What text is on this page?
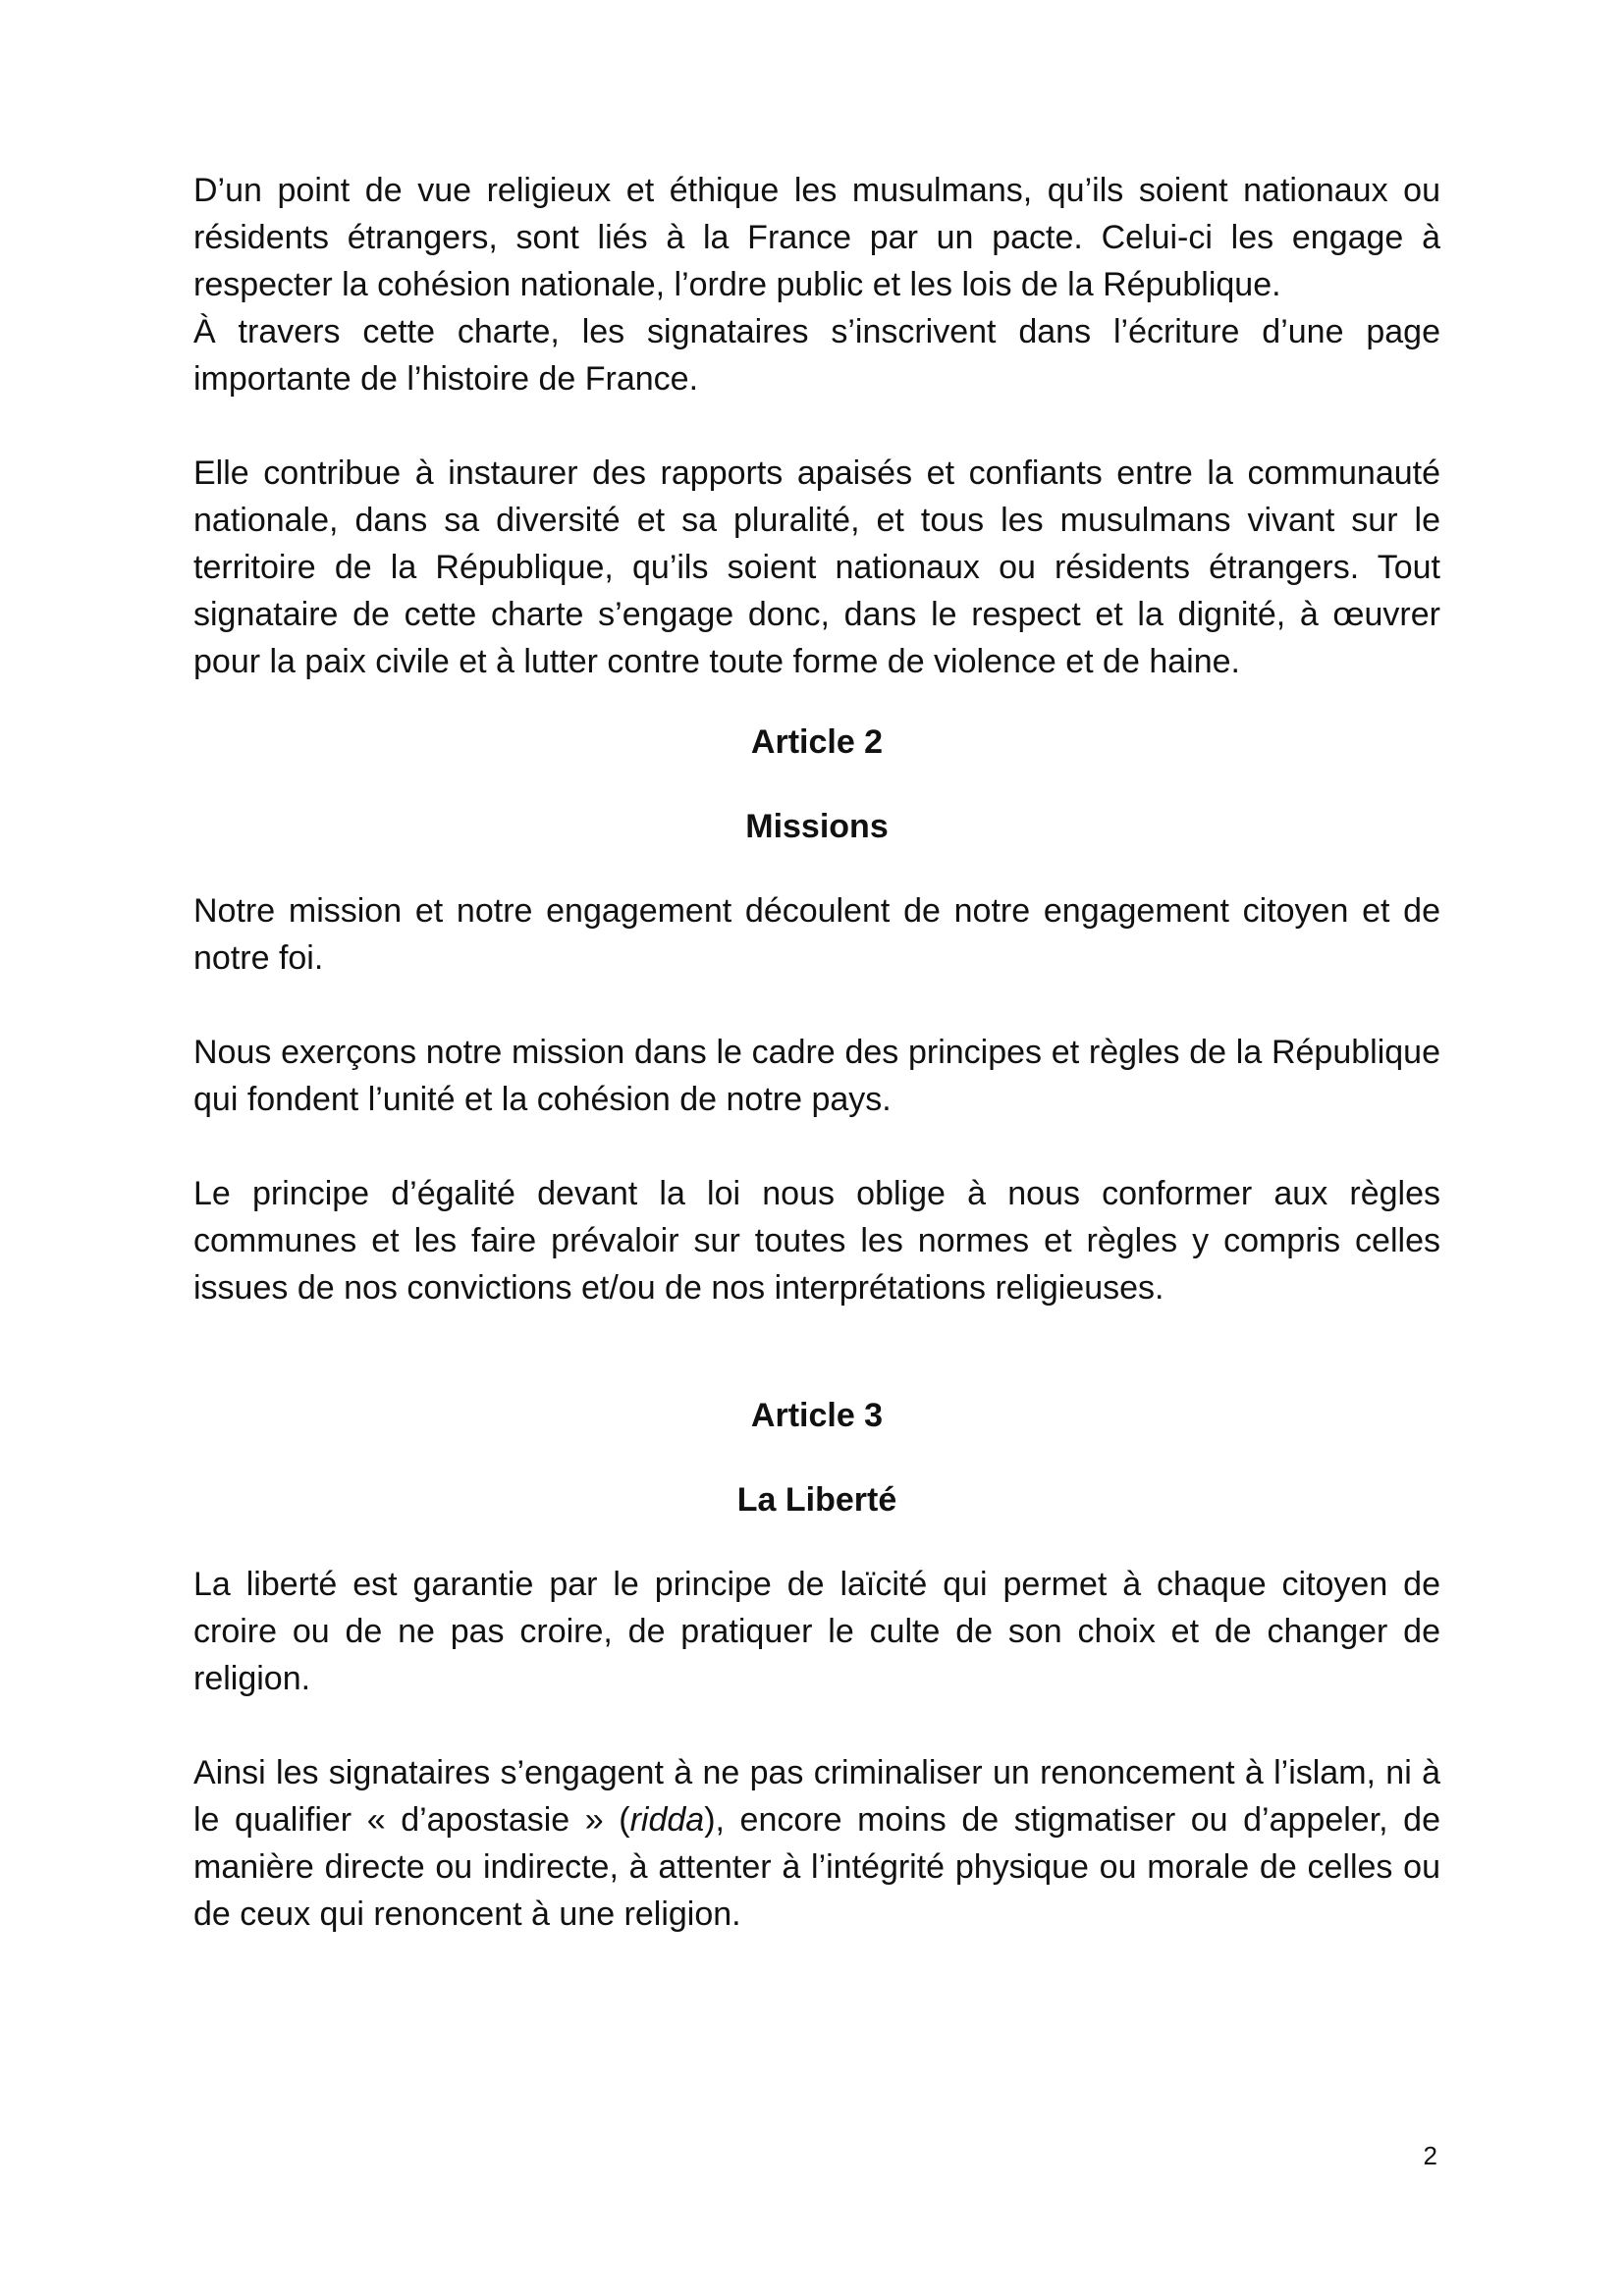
D’un point de vue religieux et éthique les musulmans, qu’ils soient nationaux ou résidents étrangers, sont liés à la France par un pacte. Celui-ci les engage à respecter la cohésion nationale, l’ordre public et les lois de la République.
À travers cette charte, les signataires s’inscrivent dans l’écriture d’une page importante de l’histoire de France.

Elle contribue à instaurer des rapports apaisés et confiants entre la communauté nationale, dans sa diversité et sa pluralité, et tous les musulmans vivant sur le territoire de la République, qu’ils soient nationaux ou résidents étrangers. Tout signataire de cette charte s’engage donc, dans le respect et la dignité, à œuvrer pour la paix civile et à lutter contre toute forme de violence et de haine.

Article 2

Missions

Notre mission et notre engagement découlent de notre engagement citoyen et de notre foi.

Nous exerçons notre mission dans le cadre des principes et règles de la République qui fondent l’unité et la cohésion de notre pays.

Le principe d’égalité devant la loi nous oblige à nous conformer aux règles communes et les faire prévaloir sur toutes les normes et règles y compris celles issues de nos convictions et/ou de nos interprétations religieuses.

Article 3

La Liberté

La liberté est garantie par le principe de laïcité qui permet à chaque citoyen de croire ou de ne pas croire, de pratiquer le culte de son choix et de changer de religion.

Ainsi les signataires s’engagent à ne pas criminaliser un renoncement à l’islam, ni à le qualifier « d’apostasie » (ridda), encore moins de stigmatiser ou d’appeler, de manière directe ou indirecte, à attenter à l’intégrité physique ou morale de celles ou de ceux qui renoncent à une religion.

2
